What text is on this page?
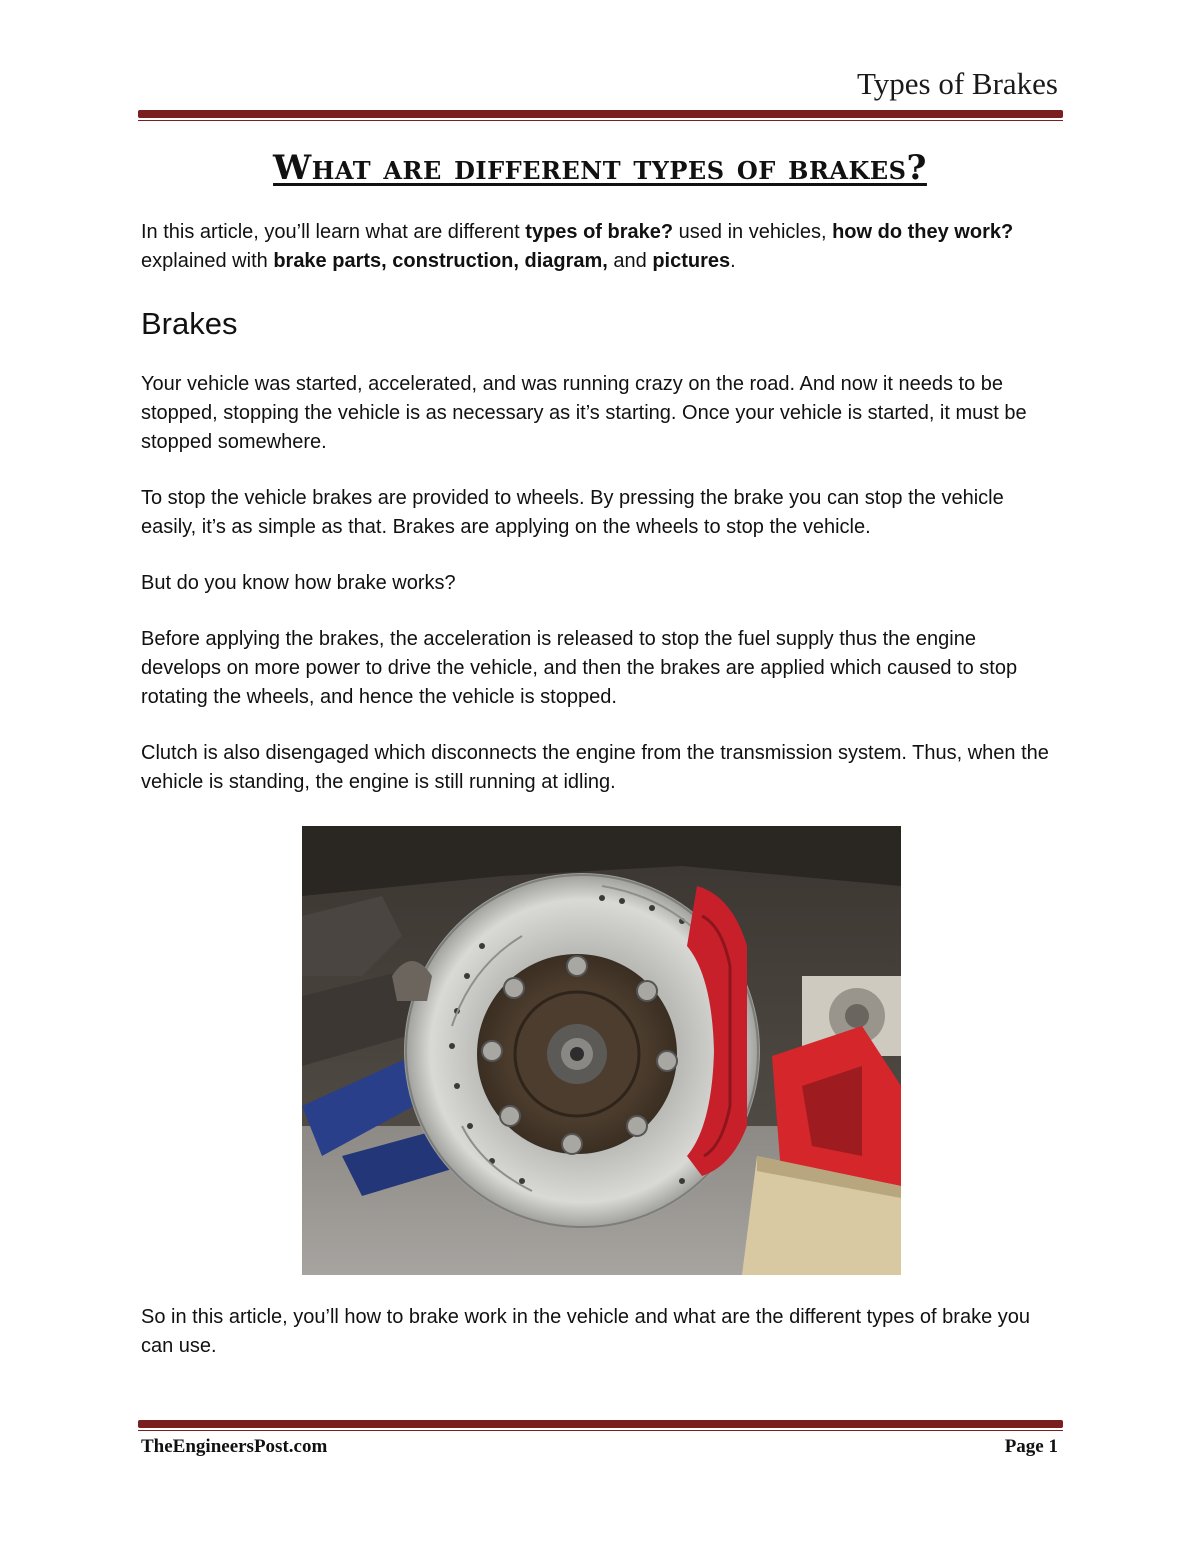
Types of Brakes
What are different types of brakes?

In this article, you’ll learn what are different types of brake? used in vehicles, how do they work? explained with brake parts, construction, diagram, and pictures.

Brakes

Your vehicle was started, accelerated, and was running crazy on the road. And now it needs to be stopped, stopping the vehicle is as necessary as it’s starting. Once your vehicle is started, it must be stopped somewhere.

To stop the vehicle brakes are provided to wheels. By pressing the brake you can stop the vehicle easily, it’s as simple as that. Brakes are applying on the wheels to stop the vehicle.

But do you know how brake works?

Before applying the brakes, the acceleration is released to stop the fuel supply thus the engine develops on more power to drive the vehicle, and then the brakes are applied which caused to stop rotating the wheels, and hence the vehicle is stopped.

Clutch is also disengaged which disconnects the engine from the transmission system. Thus, when the vehicle is standing, the engine is still running at idling.

So in this article, you’ll how to brake work in the vehicle and what are the different types of brake you can use.

TheEngineersPost.com	Page 1
